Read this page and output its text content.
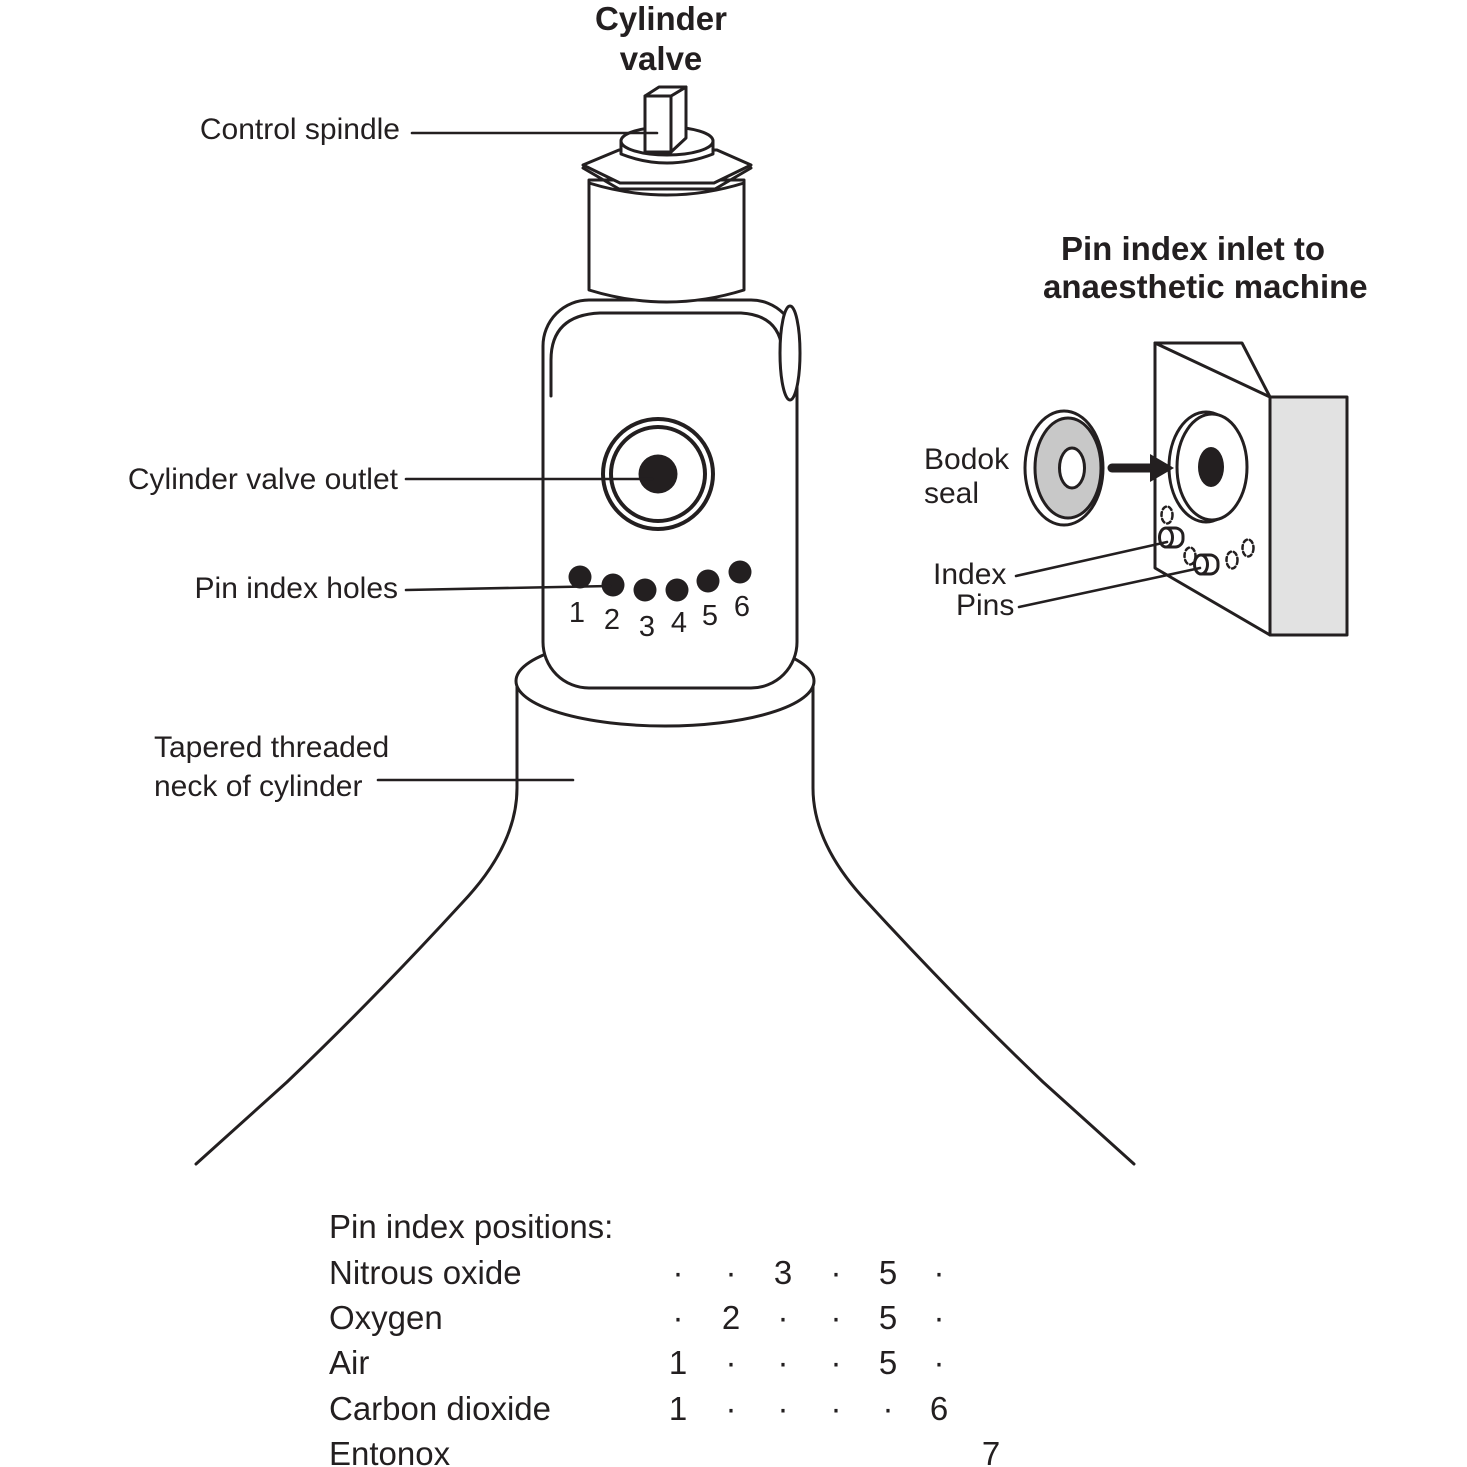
Cylinder
valve
Pin index inlet to
anaesthetic machine
Control spindle
Cylinder valve outlet
Pin index holes
Tapered threaded
neck of cylinder
Bodok
seal
Index
Pins
1 2 3 4 5 6
Pin index positions:
Nitrous oxide	·	·	3	·	5	·
Oxygen	·	2	·	·	5	·
Air	1	·	·	·	5	·
Carbon dioxide	1	·	·	·	·	6
Entonox	7
